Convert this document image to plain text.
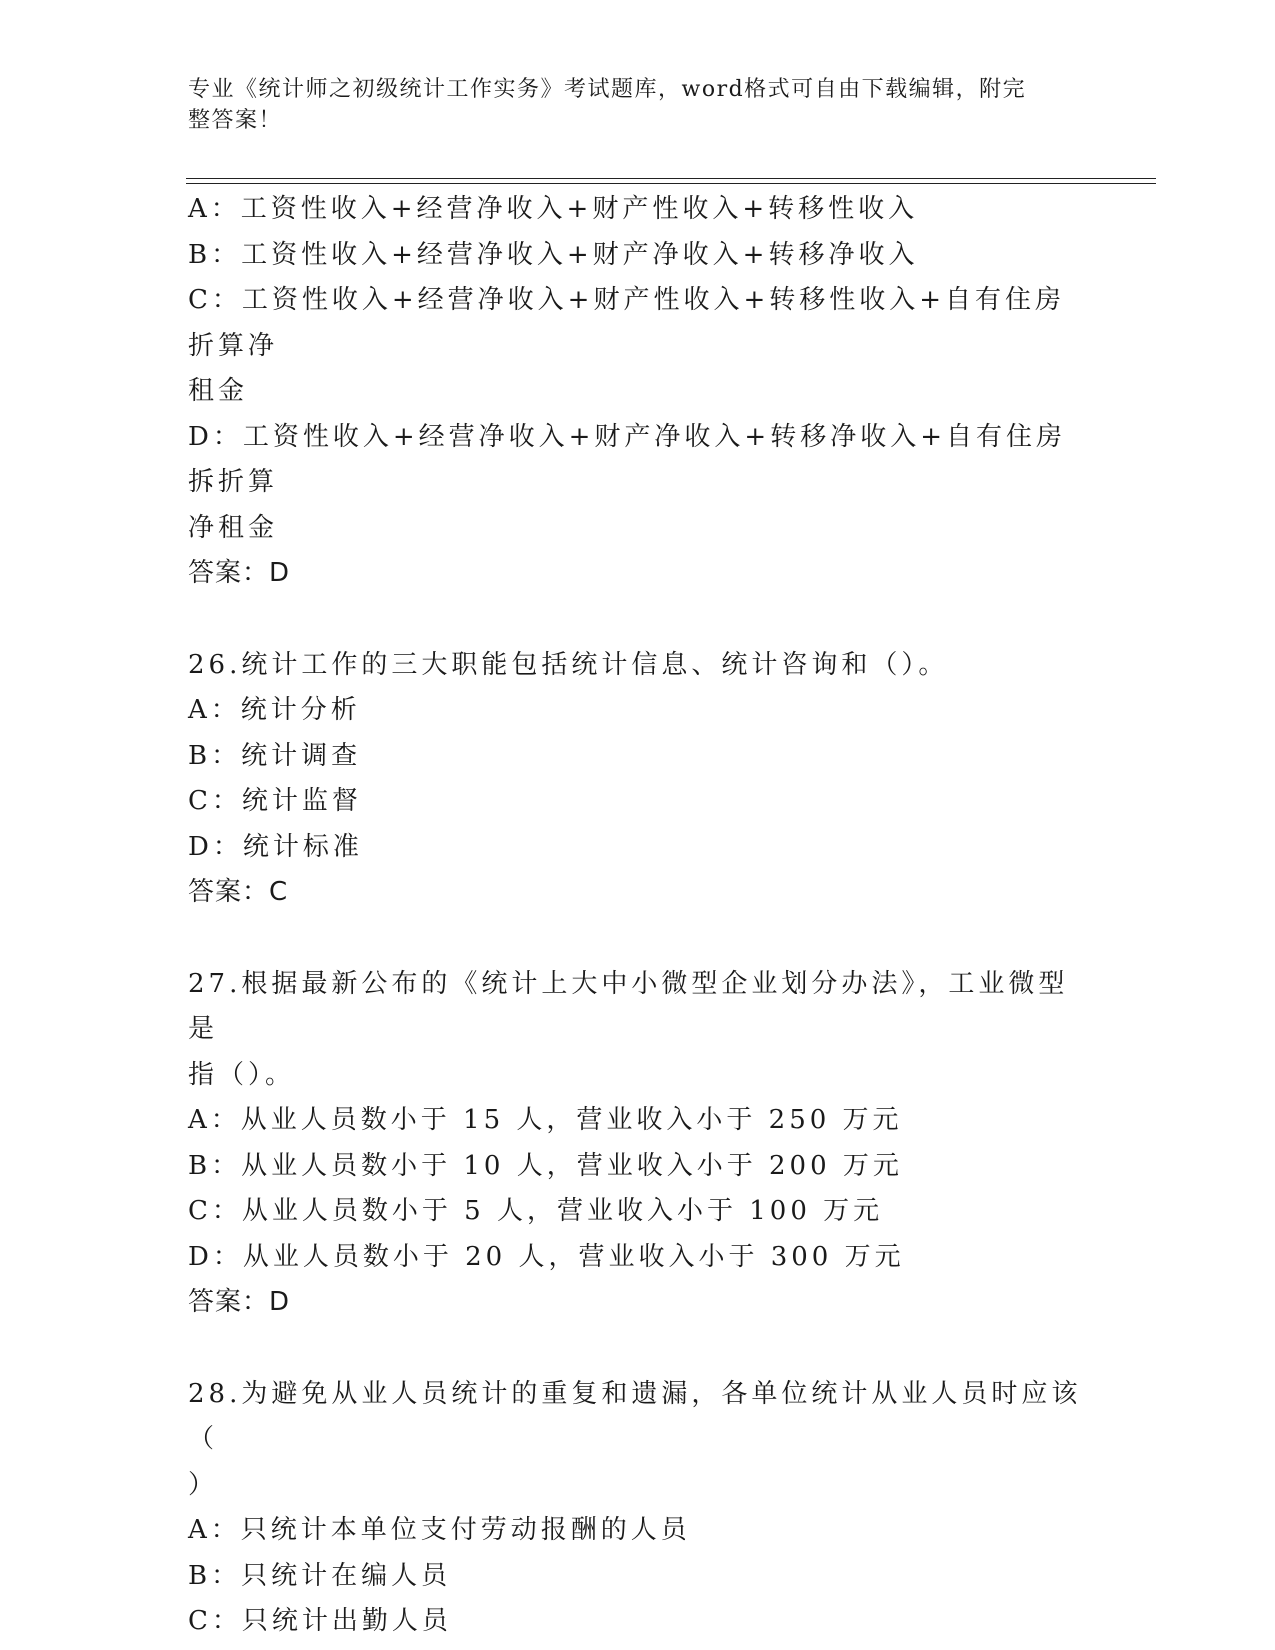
专业《统计师之初级统计工作实务》考试题库，word格式可自由下载编辑，附完
整答案！

A：工资性收入+经营净收入+财产性收入+转移性收入

B：工资性收入+经营净收入+财产净收入+转移净收入

C：工资性收入+经营净收入+财产性收入+转移性收入+自有住房折算净

租金

D：工资性收入+经营净收入+财产净收入+转移净收入+自有住房拆折算

净租金

答案：D

26.统计工作的三大职能包括统计信息、统计咨询和（）。

A：统计分析

B：统计调查

C：统计监督

D：统计标准

答案：C

27.根据最新公布的《统计上大中小微型企业划分办法》，工业微型是

指（）。

A：从业人员数小于 15 人，营业收入小于 250 万元

B：从业人员数小于 10 人，营业收入小于 200 万元

C：从业人员数小于 5 人，营业收入小于 100 万元

D：从业人员数小于 20 人，营业收入小于 300 万元

答案：D

28.为避免从业人员统计的重复和遗漏，各单位统计从业人员时应该（

）

A：只统计本单位支付劳动报酬的人员

B：只统计在编人员

C：只统计出勤人员
